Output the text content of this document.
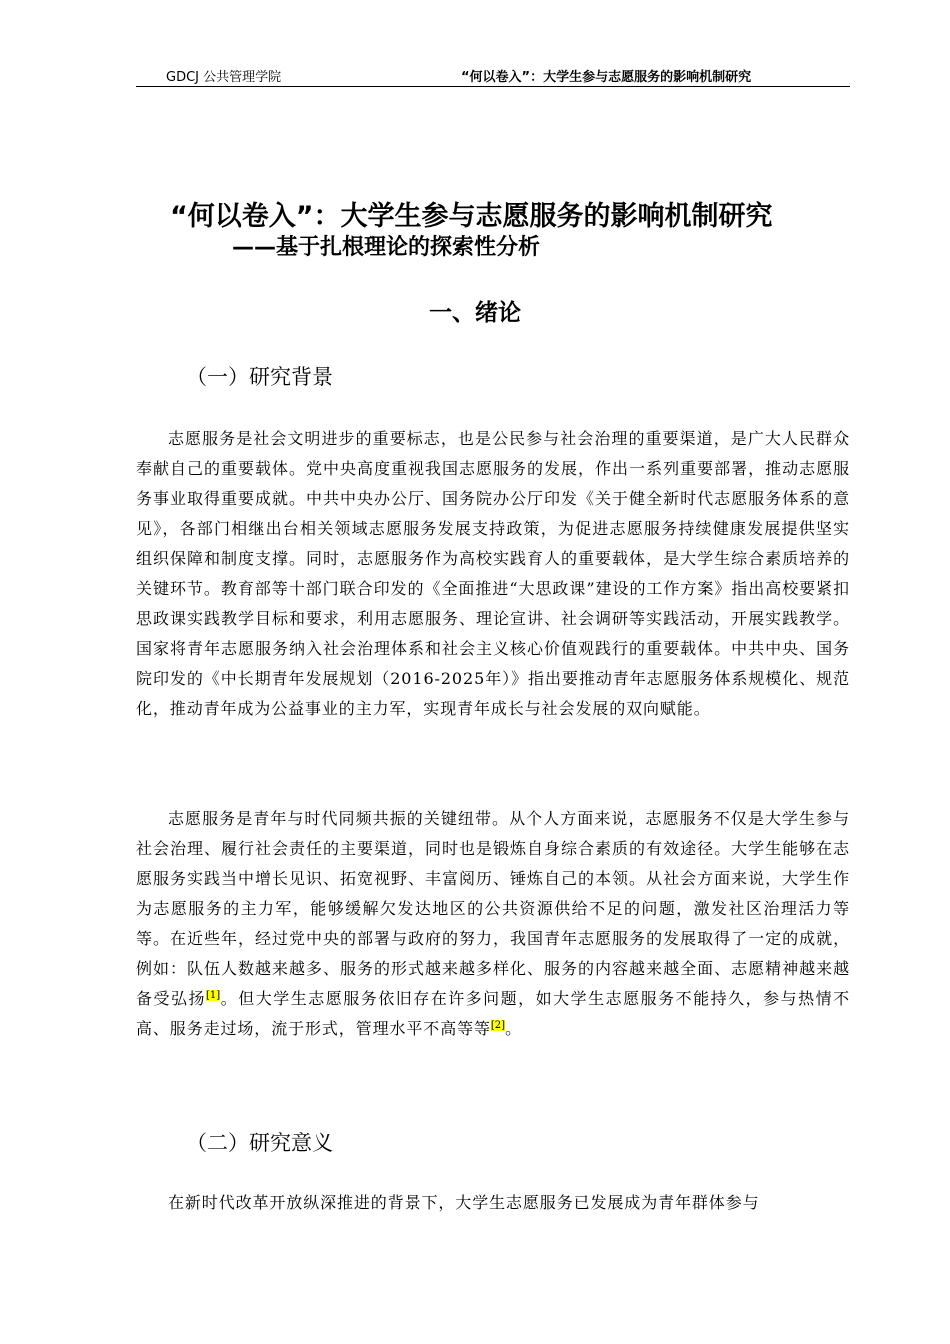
GDCJ 公共管理学院	“何以卷入”：大学生参与志愿服务的影响机制研究
“何以卷入”：大学生参与志愿服务的影响机制研究
——基于扎根理论的探索性分析
一、绪论
（一）研究背景

志愿服务是社会文明进步的重要标志，也是公民参与社会治理的重要渠道，是广大人民群众奉献自己的重要载体。党中央高度重视我国志愿服务的发展，作出一系列重要部署，推动志愿服务事业取得重要成就。中共中央办公厅、国务院办公厅印发《关于健全新时代志愿服务体系的意见》，各部门相继出台相关领域志愿服务发展支持政策，为促进志愿服务持续健康发展提供坚实组织保障和制度支撑。同时，志愿服务作为高校实践育人的重要载体，是大学生综合素质培养的关键环节。教育部等十部门联合印发的《全面推进“大思政课”建设的工作方案》指出高校要紧扣思政课实践教学目标和要求，利用志愿服务、理论宣讲、社会调研等实践活动，开展实践教学。国家将青年志愿服务纳入社会治理体系和社会主义核心价值观践行的重要载体。中共中央、国务院印发的《中长期青年发展规划（2016-2025年）》指出要推动青年志愿服务体系规模化、规范化，推动青年成为公益事业的主力军，实现青年成长与社会发展的双向赋能。

志愿服务是青年与时代同频共振的关键纽带。从个人方面来说，志愿服务不仅是大学生参与社会治理、履行社会责任的主要渠道，同时也是锻炼自身综合素质的有效途径。大学生能够在志愿服务实践当中增长见识、拓宽视野、丰富阅历、锤炼自己的本领。从社会方面来说，大学生作为志愿服务的主力军，能够缓解欠发达地区的公共资源供给不足的问题，激发社区治理活力等等。在近些年，经过党中央的部署与政府的努力，我国青年志愿服务的发展取得了一定的成就，例如：队伍人数越来越多、服务的形式越来越多样化、服务的内容越来越全面、志愿精神越来越备受弘扬[1]。但大学生志愿服务依旧存在许多问题，如大学生志愿服务不能持久，参与热情不高、服务走过场，流于形式，管理水平不高等等[2]。

（二）研究意义

在新时代改革开放纵深推进的背景下，大学生志愿服务已发展成为青年群体参与
